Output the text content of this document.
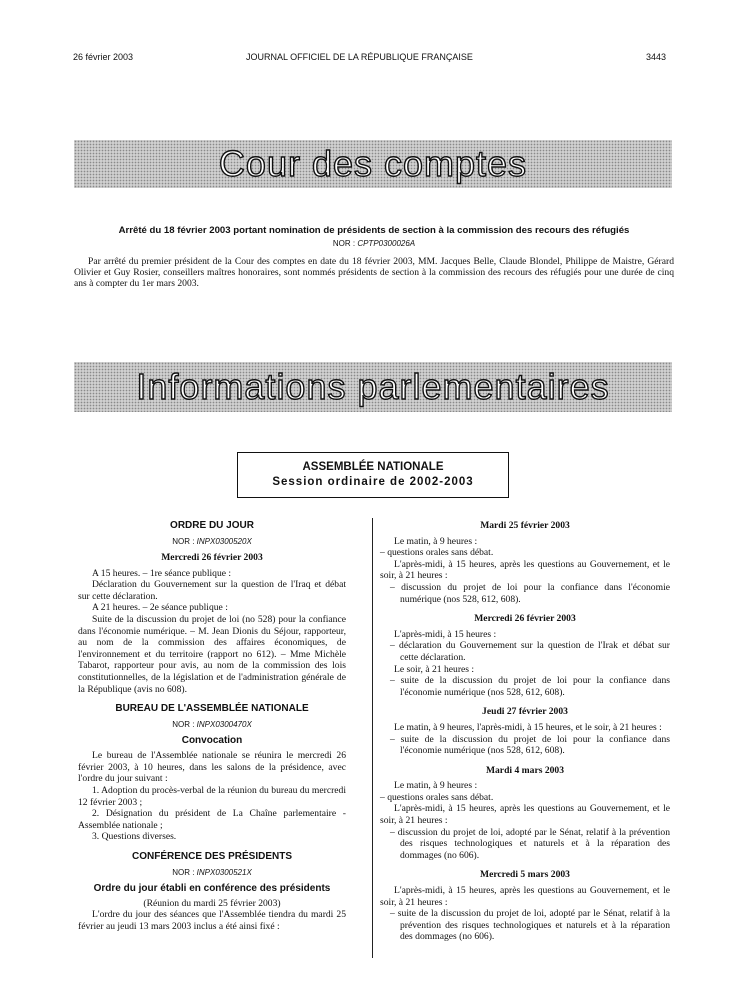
26 février 2003	JOURNAL OFFICIEL DE LA RÉPUBLIQUE FRANÇAISE	3443
Cour des comptes

Arrêté du 18 février 2003 portant nomination de présidents de section à la commission des recours des réfugiés

NOR : CPTP0300026A

Par arrêté du premier président de la Cour des comptes en date du 18 février 2003, MM. Jacques Belle, Claude Blondel, Philippe de Maistre, Gérard Olivier et Guy Rosier, conseillers maîtres honoraires, sont nommés présidents de section à la commission des recours des réfugiés pour une durée de cinq ans à compter du 1er mars 2003.

Informations parlementaires
ASSEMBLÉE NATIONALE
Session ordinaire de 2002-2003

ORDRE DU JOUR

NOR : INPX0300520X

Mercredi 26 février 2003

A 15 heures. – 1re séance publique :

Déclaration du Gouvernement sur la question de l'Iraq et débat sur cette déclaration.

A 21 heures. – 2e séance publique :

Suite de la discussion du projet de loi (no 528) pour la confiance dans l'économie numérique. – M. Jean Dionis du Séjour, rapporteur, au nom de la commission des affaires économiques, de l'environnement et du territoire (rapport no 612). – Mme Michèle Tabarot, rapporteur pour avis, au nom de la commission des lois constitutionnelles, de la législation et de l'administration générale de la République (avis no 608).

BUREAU DE L'ASSEMBLÉE NATIONALE

NOR : INPX0300470X

Convocation

Le bureau de l'Assemblée nationale se réunira le mercredi 26 février 2003, à 10 heures, dans les salons de la présidence, avec l'ordre du jour suivant :

1. Adoption du procès-verbal de la réunion du bureau du mercredi 12 février 2003 ;

2. Désignation du président de La Chaîne parlementaire - Assemblée nationale ;

3. Questions diverses.

CONFÉRENCE DES PRÉSIDENTS

NOR : INPX0300521X

Ordre du jour établi en conférence des présidents

(Réunion du mardi 25 février 2003)

L'ordre du jour des séances que l'Assemblée tiendra du mardi 25 février au jeudi 13 mars 2003 inclus a été ainsi fixé :

Mardi 25 février 2003

Le matin, à 9 heures :

– questions orales sans débat.

L'après-midi, à 15 heures, après les questions au Gouvernement, et le soir, à 21 heures :

– discussion du projet de loi pour la confiance dans l'économie numérique (nos 528, 612, 608).

Mercredi 26 février 2003

L'après-midi, à 15 heures :

– déclaration du Gouvernement sur la question de l'Irak et débat sur cette déclaration.

Le soir, à 21 heures :

– suite de la discussion du projet de loi pour la confiance dans l'économie numérique (nos 528, 612, 608).

Jeudi 27 février 2003

Le matin, à 9 heures, l'après-midi, à 15 heures, et le soir, à 21 heures :

– suite de la discussion du projet de loi pour la confiance dans l'économie numérique (nos 528, 612, 608).

Mardi 4 mars 2003

Le matin, à 9 heures :

– questions orales sans débat.

L'après-midi, à 15 heures, après les questions au Gouvernement, et le soir, à 21 heures :

– discussion du projet de loi, adopté par le Sénat, relatif à la prévention des risques technologiques et naturels et à la réparation des dommages (no 606).

Mercredi 5 mars 2003

L'après-midi, à 15 heures, après les questions au Gouvernement, et le soir, à 21 heures :

– suite de la discussion du projet de loi, adopté par le Sénat, relatif à la prévention des risques technologiques et naturels et à la réparation des dommages (no 606).
